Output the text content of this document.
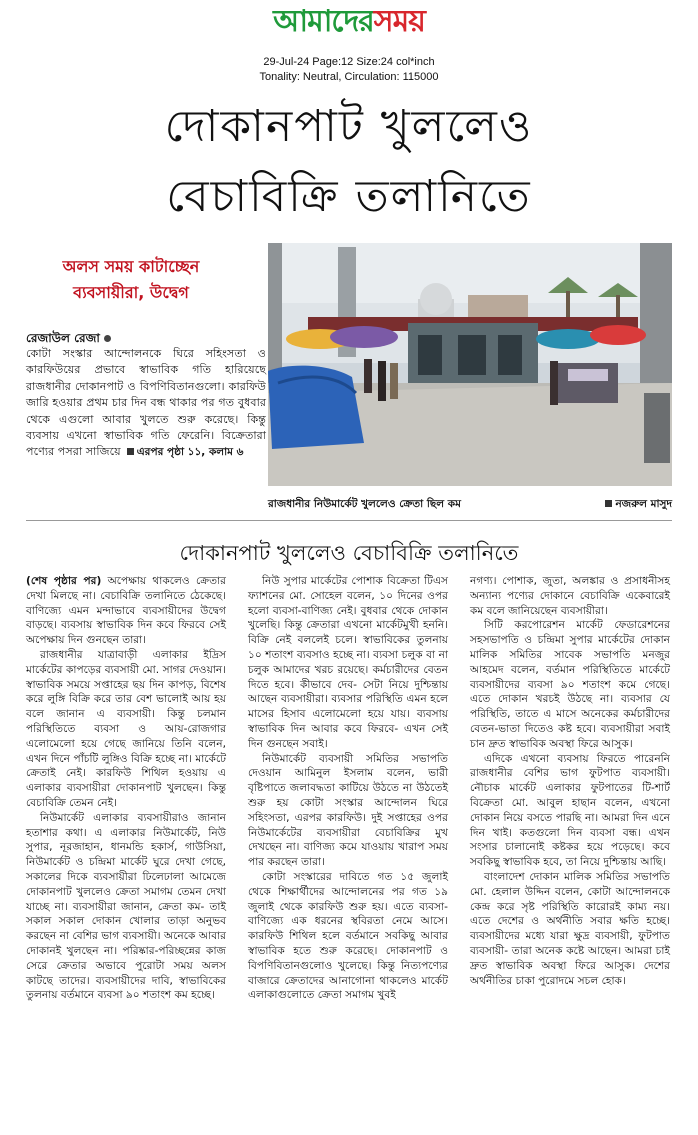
আমাদেরসময়
29-Jul-24 Page:12 Size:24 col*inch
Tonality: Neutral, Circulation: 115000
দোকানপাট খুললেও
বেচাবিক্রি তলানিতে
অলস সময় কাটাচ্ছেন
ব্যবসায়ীরা, উদ্বেগ
রেজাউল রেজা
কোটা সংস্কার আন্দোলনকে ঘিরে সহিংসতা ও কারফিউয়ের প্রভাবে স্বাভাবিক গতি হারিয়েছে রাজধানীর দোকানপাট ও বিপণিবিতানগুলো। কারফিউ জারি হওয়ার প্রথম চার দিন বন্ধ থাকার পর গত বুধবার থেকে এগুলো আবার খুলতে শুরু করেছে। কিন্তু ব্যবসায় এখনো স্বাভাবিক গতি ফেরেনি। বিক্রেতারা পণ্যের পসরা সাজিয়ে এরপর পৃষ্ঠা ১১, কলাম ৬
রাজধানীর নিউমার্কেট খুললেও ক্রেতা ছিল কম	নজরুল মাসুদ
দোকানপাট খুললেও বেচাবিক্রি তলানিতে

(শেষ পৃষ্ঠার পর) অপেক্ষায় থাকলেও ক্রেতার দেখা মিলছে না। বেচাবিক্রি তলানিতে ঠেকেছে। বাণিজ্যে এমন মন্দাভাবে ব্যবসায়ীদের উদ্বেগ বাড়ছে। ব্যবসায় স্বাভাবিক দিন কবে ফিরবে সেই অপেক্ষায় দিন গুনছেন তারা।

রাজধানীর যাত্রাবাড়ী এলাকার ইদ্রিস মার্কেটের কাপড়ের ব্যবসায়ী মো. সাগর দেওয়ান। স্বাভাবিক সময়ে সপ্তাহের ছয় দিন কাপড়, বিশেষ করে লুঙ্গি বিক্রি করে তার বেশ ভালোই আয় হয় বলে জানান এ ব্যবসায়ী। কিন্তু চলমান পরিস্থিতিতে ব্যবসা ও আয়-রোজগার এলোমেলো হয়ে গেছে জানিয়ে তিনি বলেন, এখন দিনে পাঁচটি লুঙ্গিও বিক্রি হচ্ছে না। মার্কেটে ক্রেতাই নেই। কারফিউ শিথিল হওয়ায় এ এলাকার ব্যবসায়ীরা দোকানপাট খুলছেন। কিন্তু বেচাবিক্রি তেমন নেই।

নিউমার্কেট এলাকার ব্যবসায়ীরাও জানান হতাশার কথা। এ এলাকার নিউমার্কেট, নিউ সুপার, নূরজাহান, ধানমন্ডি হকার্স, গাউসিয়া, নিউমার্কেট ও চন্দ্রিমা মার্কেট ঘুরে দেখা গেছে, সকালের দিকে ব্যবসায়ীরা ঢিলেঢালা আমেজে দোকানপাট খুললেও ক্রেতা সমাগম তেমন দেখা যাচ্ছে না। ব্যবসায়ীরা জানান, ক্রেতা কম- তাই সকাল সকাল দোকান খোলার তাড়া অনুভব করছেন না বেশির ভাগ ব্যবসায়ী। অনেকে আবার দোকানই খুলছেন না। পরিষ্কার-পরিচ্ছন্নের কাজ সেরে ক্রেতার অভাবে পুরোটা সময় অলস কাটছে তাদের। ব্যবসায়ীদের দাবি, স্বাভাবিকের তুলনায় বর্তমানে ব্যবসা ৯০ শতাংশ কম হচ্ছে।

নিউ সুপার মার্কেটের পোশাক বিক্রেতা টিএস ফ্যাশনের মো. সোহেল বলেন, ১০ দিনের ওপর হলো ব্যবসা-বাণিজ্য নেই। বুধবার থেকে দোকান খুলেছি। কিন্তু ক্রেতারা এখনো মার্কেটমুখী হননি। বিক্রি নেই বললেই চলে। স্বাভাবিকের তুলনায় ১০ শতাংশ ব্যবসাও হচ্ছে না। ব্যবসা চলুক বা না চলুক আমাদের খরচ রয়েছে। কর্মচারীদের বেতন দিতে হবে। কীভাবে দেব- সেটা নিয়ে দুশ্চিন্তায় আছেন ব্যবসায়ীরা। ব্যবসার পরিস্থিতি এমন হলে মাসের হিসাব এলোমেলো হয়ে যায়। ব্যবসায় স্বাভাবিক দিন আবার কবে ফিরবে- এখন সেই দিন গুনছেন সবাই।

নিউমার্কেট ব্যবসায়ী সমিতির সভাপতি দেওয়ান আমিনুল ইসলাম বলেন, ভারী বৃষ্টিপাতে জলাবদ্ধতা কাটিয়ে উঠতে না উঠতেই শুরু হয় কোটা সংস্কার আন্দোলন ঘিরে সহিংসতা, এরপর কারফিউ। দুই সপ্তাহের ওপর নিউমার্কেটের ব্যবসায়ীরা বেচাবিক্রির মুখ দেখছেন না। বাণিজ্য কমে যাওয়ায় খারাপ সময় পার করছেন তারা।

কোটা সংস্কারের দাবিতে গত ১৫ জুলাই থেকে শিক্ষার্থীদের আন্দোলনের পর গত ১৯ জুলাই থেকে কারফিউ শুরু হয়। এতে ব্যবসা-বাণিজ্যে এক ধরনের স্থবিরতা নেমে আসে। কারফিউ শিথিল হলে বর্তমানে সবকিছু আবার স্বাভাবিক হতে শুরু করেছে। দোকানপাট ও বিপণিবিতানগুলোও খুলেছে। কিন্তু নিত্যপণ্যের বাজারে ক্রেতাদের আনাগোনা থাকলেও মার্কেট এলাকাগুলোতে ক্রেতা সমাগম খুবই

নগণ্য। পোশাক, জুতা, অলঙ্কার ও প্রসাধনীসহ অন্যান্য পণ্যের দোকানে বেচাবিক্রি একেবারেই কম বলে জানিয়েছেন ব্যবসায়ীরা।

সিটি করপোরেশন মার্কেট ফেডারেশনের সহসভাপতি ও চন্দ্রিমা সুপার মার্কেটের দোকান মালিক সমিতির সাবেক সভাপতি মনজুর আহমেদ বলেন, বর্তমান পরিস্থিতিতে মার্কেটে ব্যবসায়ীদের ব্যবসা ৯০ শতাংশ কমে গেছে। এতে দোকান খরচই উঠছে না। ব্যবসার যে পরিস্থিতি, তাতে এ মাসে অনেকের কর্মচারীদের বেতন-ভাতা দিতেও কষ্ট হবে। ব্যবসায়ীরা সবাই চান দ্রুত স্বাভাবিক অবস্থা ফিরে আসুক।

এদিকে এখনো ব্যবসায় ফিরতে পারেননি রাজধানীর বেশির ভাগ ফুটপাত ব্যবসায়ী। নৌচাক মার্কেট এলাকার ফুটপাতের টি-শার্ট বিক্রেতা মো. আবুল হাছান বলেন, এখনো দোকান নিয়ে বসতে পারছি না। আমরা দিন এনে দিন খাই। কতগুলো দিন ব্যবসা বন্ধ। এখন সংসার চালানোই কষ্টকর হয়ে পড়েছে। কবে সবকিছু স্বাভাবিক হবে, তা নিয়ে দুশ্চিন্তায় আছি।

বাংলাদেশ দোকান মালিক সমিতির সভাপতি মো. হেলাল উদ্দিন বলেন, কোটা আন্দোলনকে কেন্দ্র করে সৃষ্ট পরিস্থিতি কারোরই কাম্য নয়। এতে দেশের ও অর্থনীতি সবার ক্ষতি হচ্ছে। ব্যবসায়ীদের মধ্যে যারা ক্ষুদ্র ব্যবসায়ী, ফুটপাত ব্যবসায়ী- তারা অনেক কষ্টে আছেন। আমরা চাই দ্রুত স্বাভাবিক অবস্থা ফিরে আসুক। দেশের অর্থনীতির চাকা পুরোদমে সচল হোক।
